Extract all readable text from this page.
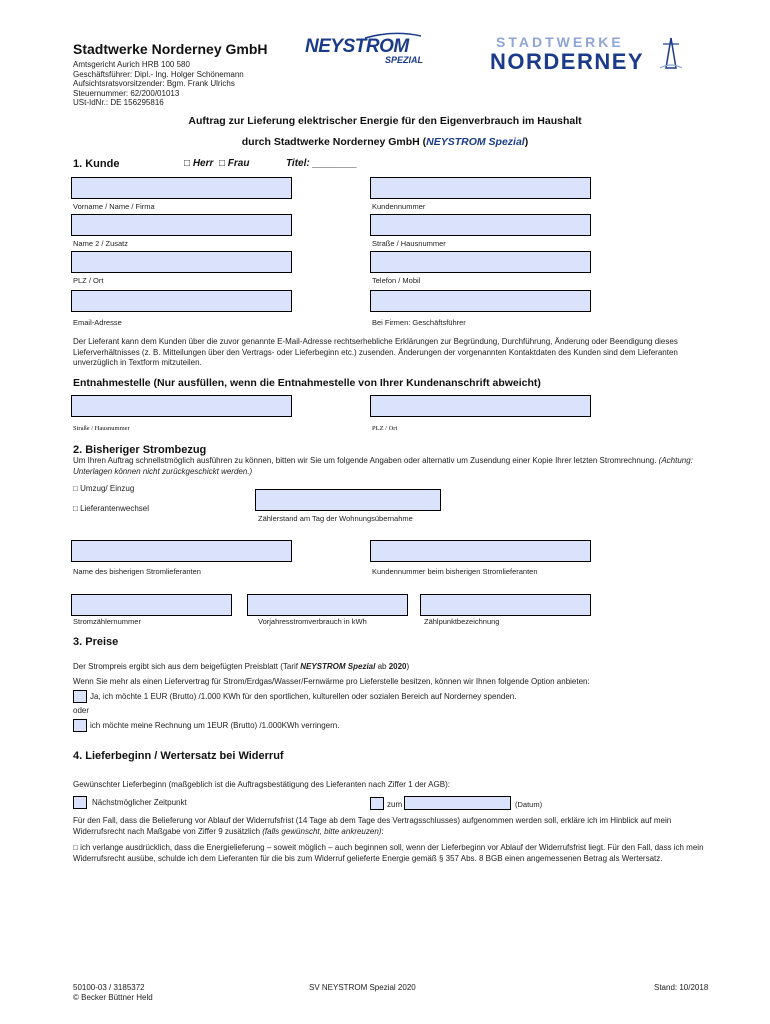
Stadtwerke Norderney GmbH
Amtsgericht Aurich HRB 100 580
Geschäftsführer: Dipl.- Ing. Holger Schönemann
Aufsichtsratsvorsitzender: Bgm. Frank Ulrichs
Steuernummer: 62/200/01013
USt-IdNr.: DE 156295816
NEYSTROM
SPEZIAL
STADTWERKE
NORDERNEY
Auftrag zur Lieferung elektrischer Energie für den Eigenverbrauch im Haushalt
durch Stadtwerke Norderney GmbH (NEYSTROM Spezial)
1. Kunde	□ Herr □ Frau	Titel: ________
Vorname / Name / Firma	Kundennummer
Name 2 / Zusatz	Straße / Hausnummer
PLZ / Ort	Telefon / Mobil
Email-Adresse	Bei Firmen: Geschäftsführer
Der Lieferant kann dem Kunden über die zuvor genannte E-Mail-Adresse rechtserhebliche Erklärungen zur Begründung, Durchführung, Änderung oder Beendigung dieses Lieferverhältnisses (z. B. Mitteilungen über den Vertrags- oder Lieferbeginn etc.) zusenden. Änderungen der vorgenannten Kontaktdaten des Kunden sind dem Lieferanten unverzüglich in Textform mitzuteilen.
Entnahmestelle (Nur ausfüllen, wenn die Entnahmestelle von Ihrer Kundenanschrift abweicht)
Straße / Hausnummer	PLZ / Ort
2. Bisheriger Strombezug
Um Ihren Auftrag schnellstmöglich ausführen zu können, bitten wir Sie um folgende Angaben oder alternativ um Zusendung einer Kopie Ihrer letzten Stromrechnung. (Achtung: Unterlagen können nicht zurückgeschickt werden.)
□ Umzug/ Einzug
□ Lieferantenwechsel
Zählerstand am Tag der Wohnungsübernahme
Name des bisherigen Stromlieferanten	Kundennummer beim bisherigen Stromlieferanten
Stromzählernummer	Vorjahresstromverbrauch in kWh	Zählpunktbezeichnung
3. Preise
Der Strompreis ergibt sich aus dem beigefügten Preisblatt (Tarif NEYSTROM Spezial ab 2020)
Wenn Sie mehr als einen Liefervertrag für Strom/Erdgas/Wasser/Fernwärme pro Lieferstelle besitzen, können wir Ihnen folgende Option anbieten:
Ja, ich möchte 1 EUR (Brutto) /1.000 KWh für den sportlichen, kulturellen oder sozialen Bereich auf Norderney spenden.
oder
ich möchte meine Rechnung um 1EUR (Brutto) /1.000KWh verringern.
4. Lieferbeginn / Wertersatz bei Widerruf
Gewünschter Lieferbeginn (maßgeblich ist die Auftragsbestätigung des Lieferanten nach Ziffer 1 der AGB):
Nächstmöglicher Zeitpunkt	zum	(Datum)
Für den Fall, dass die Belieferung vor Ablauf der Widerrufsfrist (14 Tage ab dem Tage des Vertragsschlusses) aufgenommen werden soll, erkläre ich im Hinblick auf mein Widerrufsrecht nach Maßgabe von Ziffer 9 zusätzlich (falls gewünscht, bitte ankreuzen):
□ ich verlange ausdrücklich, dass die Energielieferung – soweit möglich – auch beginnen soll, wenn der Lieferbeginn vor Ablauf der Widerrufsfrist liegt. Für den Fall, dass ich mein Widerrufsrecht ausübe, schulde ich dem Lieferanten für die bis zum Widerruf gelieferte Energie gemäß § 357 Abs. 8 BGB einen angemessenen Betrag als Wertersatz.
50100-03 / 3185372
© Becker Büttner Held
SV NEYSTROM Spezial 2020	Stand: 10/2018
